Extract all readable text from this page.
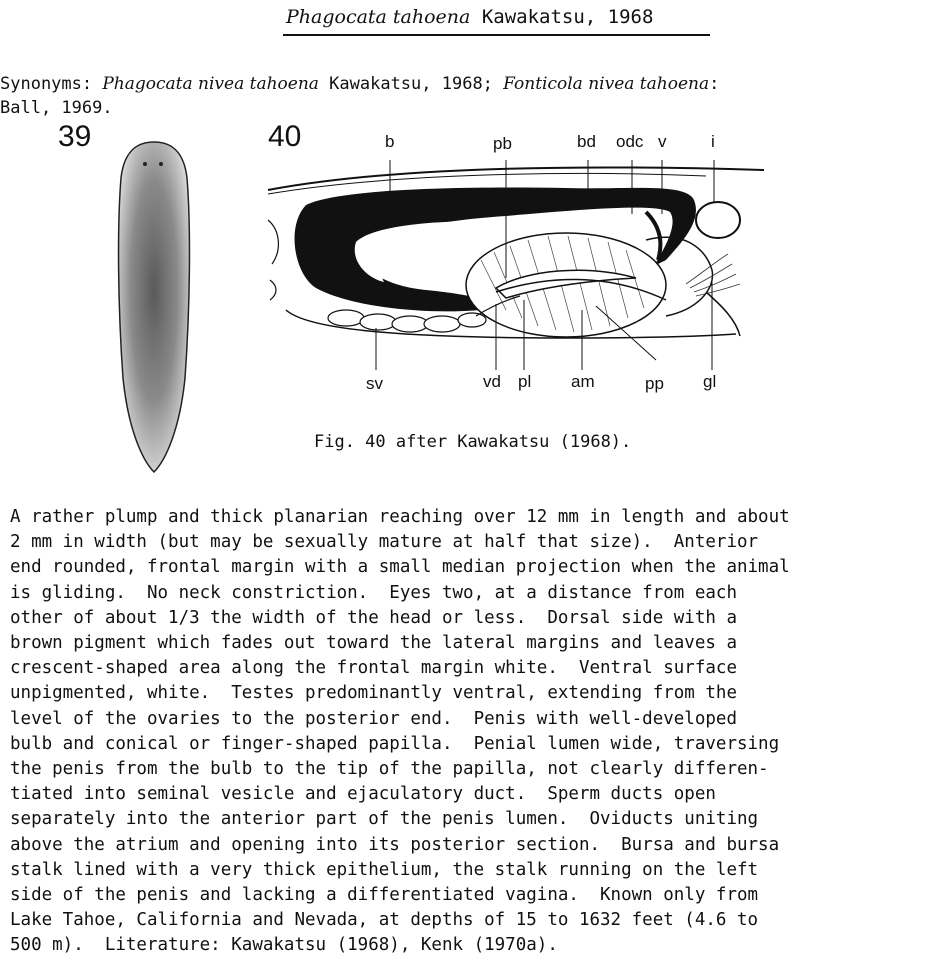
Phagocata tahoena Kawakatsu, 1968
Synonyms: Phagocata nivea tahoena Kawakatsu, 1968; Fonticola nivea tahoena:
Ball, 1969.
39	40	b	pb	bd odc v	i
sv	vd pl am	pp gl
Fig. 40 after Kawakatsu (1968).

A rather plump and thick planarian reaching over 12 mm in length and about

2 mm in width (but may be sexually mature at half that size).  Anterior

end rounded, frontal margin with a small median projection when the animal

is gliding.  No neck constriction.  Eyes two, at a distance from each

other of about 1/3 the width of the head or less.  Dorsal side with a

brown pigment which fades out toward the lateral margins and leaves a

crescent-shaped area along the frontal margin white.  Ventral surface

unpigmented, white.  Testes predominantly ventral, extending from the

level of the ovaries to the posterior end.  Penis with well-developed

bulb and conical or finger-shaped papilla.  Penial lumen wide, traversing

the penis from the bulb to the tip of the papilla, not clearly differen-

tiated into seminal vesicle and ejaculatory duct.  Sperm ducts open

separately into the anterior part of the penis lumen.  Oviducts uniting

above the atrium and opening into its posterior section.  Bursa and bursa

stalk lined with a very thick epithelium, the stalk running on the left

side of the penis and lacking a differentiated vagina.  Known only from

Lake Tahoe, California and Nevada, at depths of 15 to 1632 feet (4.6 to

500 m).  Literature: Kawakatsu (1968), Kenk (1970a).
